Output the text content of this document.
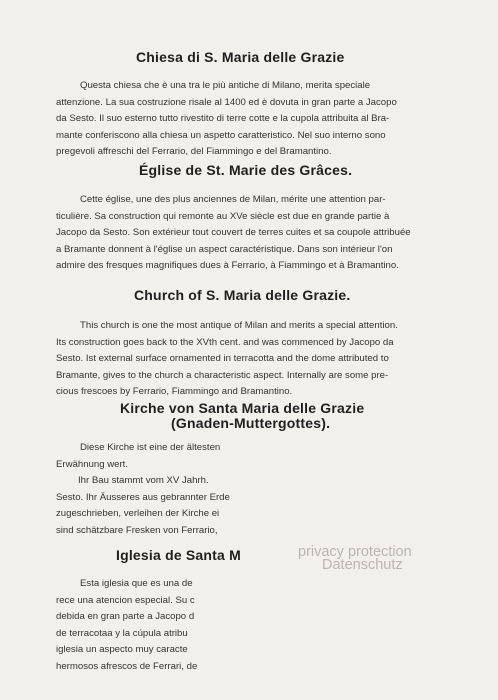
Chiesa di S. Maria delle Grazie
Questa chiesa che è una tra le più antiche di Milano, merita speciale
attenzione. La sua costruzione risale al 1400 ed è dovuta in gran parte a Jacopo
da Sesto. Il suo esterno tutto rivestito di terre cotte e la cupola attribuita al Bra-
mante conferiscono alla chiesa un aspetto caratteristico. Nel suo interno sono
pregevoli affreschi del Ferrario, del Fiammingo e del Bramantino.
Église de St. Marie des Grâces.
Cette église, une des plus anciennes de Milan, mérite une attention par-
ticulière. Sa construction qui remonte au XVe siècle est due en grande partie à
Jacopo da Sesto. Son extérieur tout couvert de terres cuites et sa coupole attribuée
a Bramante donnent à l'église un aspect caractéristique. Dans son intérieur l'on
admire des fresques magnifiques dues à Ferrario, à Fiammingo et à Bramantino.
Church of S. Maria delle Grazie.
This church is one the most antique of Milan and merits a special attention.
Its construction goes back to the XVth cent. and was commenced by Jacopo da
Sesto. Ist external surface ornamented in terracotta and the dome attributed to
Bramante, gives to the church a characteristic aspect. Internally are some pre-
cious frescoes by Ferrario, Fiammingo and Bramantino.
Kirche von Santa Maria delle Grazie
(Gnaden-Muttergottes).
Diese Kirche ist eine der ältesten
Erwähnung wert.
Ihr Bau stammt vom XV Jahrh.
Sesto. Ihr Äusseres aus gebrannter Erde
zugeschrieben, verleihen der Kirche ei
sind schätzbare Fresken von Ferrario,
Iglesia de Santa M
Esta iglesia que es una de
rece una atencion especial. Su c
debida en gran parte a Jacopo d
de terracotaa y la cúpula atribu
iglesia un aspecto muy caracte
hermosos afrescos de Ferrari, de
privacy protection
Datenschutz
